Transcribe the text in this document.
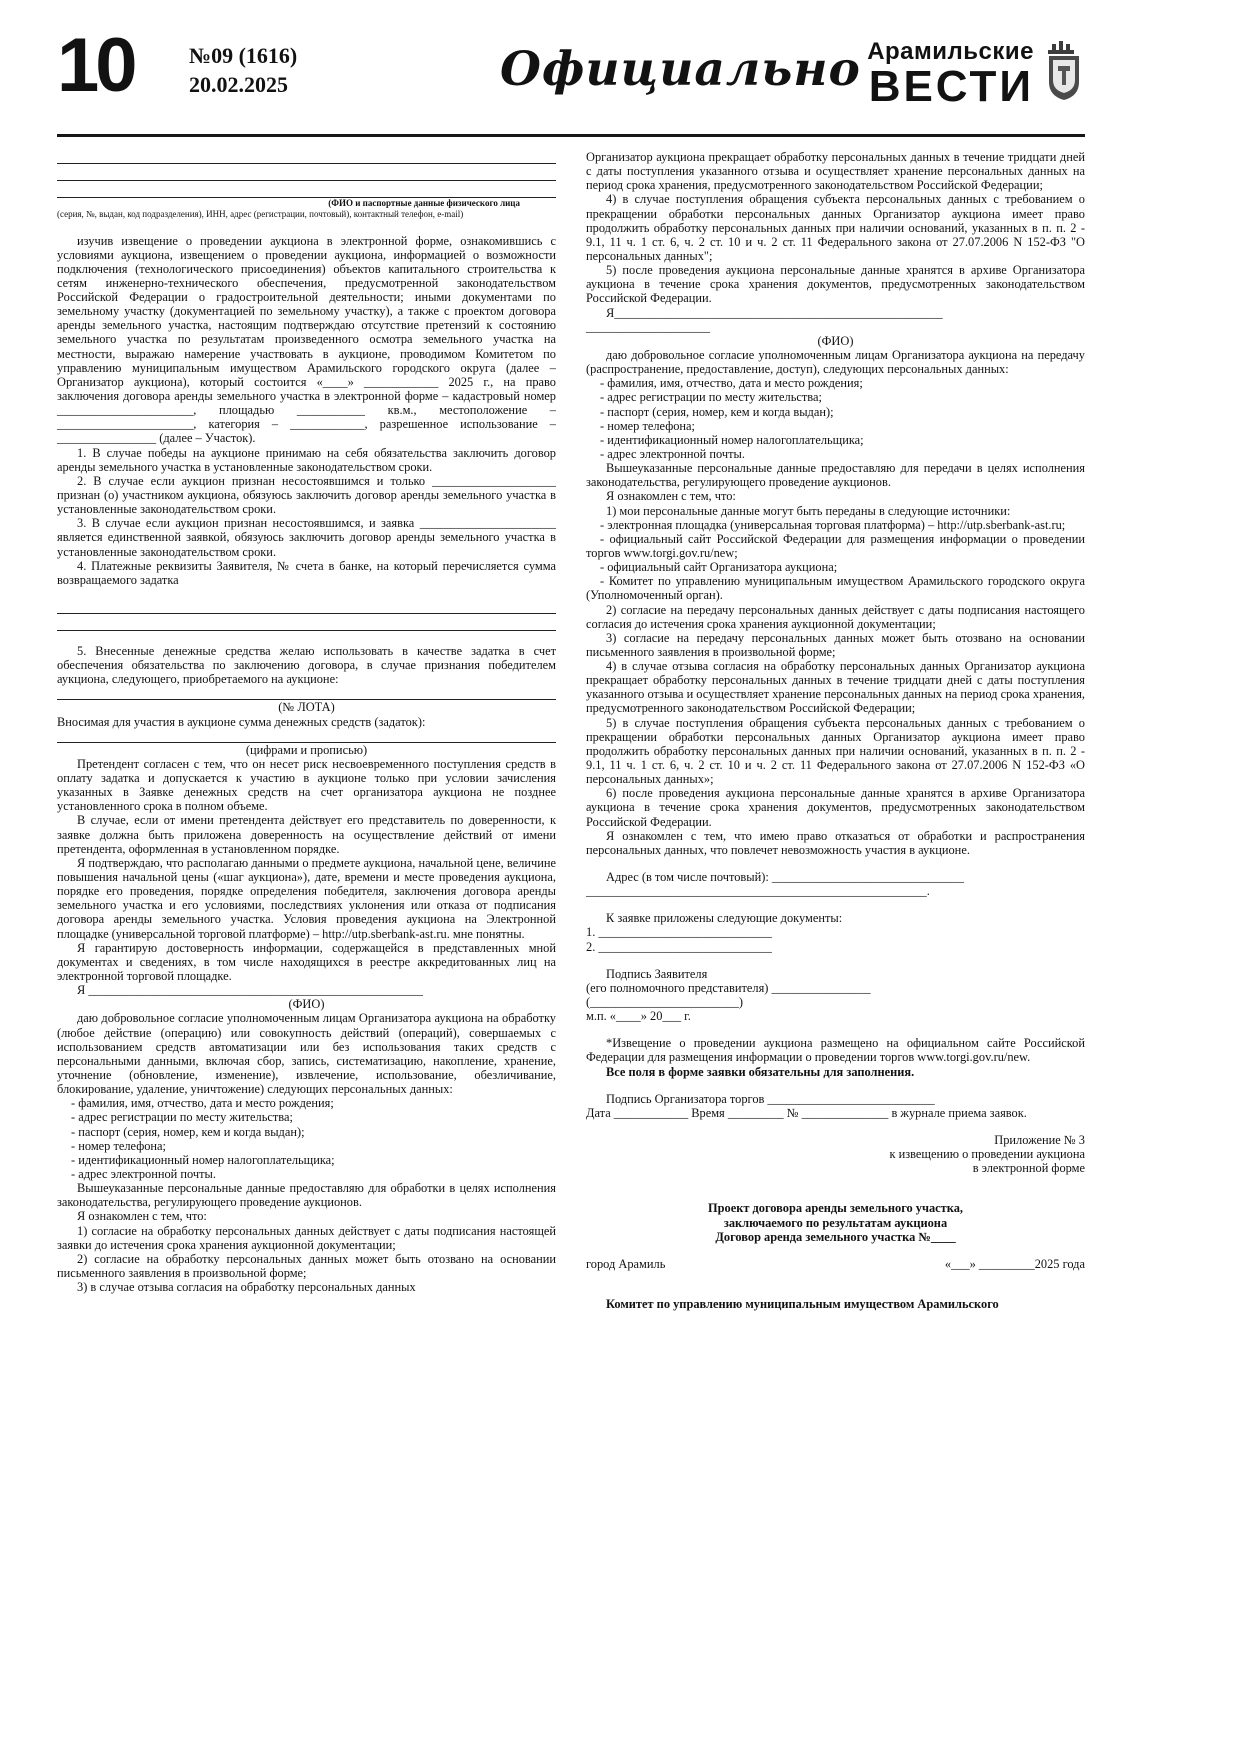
10	№09 (1616)
20.02.2025	Официально Арамильские
ВЕСТИ
(ФИО и паспортные данные физического лица
(серия, №, выдан, код подразделения), ИНН, адрес (регистрации, почтовый), контактный телефон, e-mail)
изучив извещение о проведении аукциона в электронной форме, ознакомившись с условиями аукциона, извещением о проведении аукциона, информацией о возможности подключения (технологического присоединения) объектов капитального строительства к сетям инженерно-технического обеспечения, предусмотренной законодательством Российской Федерации о градостроительной деятельности; иными документами по земельному участку (документацией по земельному участку), а также с проектом договора аренды земельного участка, настоящим подтверждаю отсутствие претензий к состоянию земельного участка по результатам произведенного осмотра земельного участка на местности, выражаю намерение участвовать в аукционе, проводимом Комитетом по управлению муниципальным имуществом Арамильского городского округа (далее – Организатор аукциона), который состоится «____» ____________ 2025 г., на право заключения договора аренды земельного участка в электронной форме – кадастровый номер ______________________, площадью ___________ кв.м., местоположение – ______________________, категория – ____________, разрешенное использование – ________________ (далее – Участок).
1. В случае победы на аукционе принимаю на себя обязательства заключить договор аренды земельного участка в установленные законодательством сроки.
2. В случае если аукцион признан несостоявшимся и только ____________________ признан (о) участником аукциона, обязуюсь заключить договор аренды земельного участка в установленные законодательством сроки.
3. В случае если аукцион признан несостоявшимся, и заявка ______________________ является единственной заявкой, обязуюсь заключить договор аренды земельного участка в установленные законодательством сроки.
4. Платежные реквизиты Заявителя, № счета в банке, на который перечисляется сумма возвращаемого задатка
5. Внесенные денежные средства желаю использовать в качестве задатка в счет обеспечения обязательства по заключению договора, в случае признания победителем аукциона, следующего, приобретаемого на аукционе:
(№ ЛОТА)
Вносимая для участия в аукционе сумма денежных средств (задаток):
(цифрами и прописью)
Претендент согласен с тем, что он несет риск несвоевременного поступления средств в оплату задатка и допускается к участию в аукционе только при условии зачисления указанных в Заявке денежных средств на счет организатора аукциона не позднее установленного срока в полном объеме.
В случае, если от имени претендента действует его представитель по доверенности, к заявке должна быть приложена доверенность на осуществление действий от имени претендента, оформленная в установленном порядке.
Я подтверждаю, что располагаю данными о предмете аукциона, начальной цене, величине повышения начальной цены («шаг аукциона»), дате, времени и месте проведения аукциона, порядке его проведения, порядке определения победителя, заключения договора аренды земельного участка и его условиями, последствиях уклонения или отказа от подписания договора аренды земельного участка. Условия проведения аукциона на Электронной площадке (универсальной торговой платформе) – http://utp.sberbank-ast.ru. мне понятны.
Я гарантирую достоверность информации, содержащейся в представленных мной документах и сведениях, в том числе находящихся в реестре аккредитованных лиц на электронной торговой площадке.
Я ______________________________________________________
(ФИО)
даю добровольное согласие уполномоченным лицам Организатора аукциона на обработку (любое действие (операцию) или совокупность действий (операций), совершаемых с использованием средств автоматизации или без использования таких средств с персональными данными, включая сбор, запись, систематизацию, накопление, хранение, уточнение (обновление, изменение), извлечение, использование, обезличивание, блокирование, удаление, уничтожение) следующих персональных данных:
- фамилия, имя, отчество, дата и место рождения;
- адрес регистрации по месту жительства;
- паспорт (серия, номер, кем и когда выдан);
- номер телефона;
- идентификационный номер налогоплательщика;
- адрес электронной почты.
Вышеуказанные персональные данные предоставляю для обработки в целях исполнения законодательства, регулирующего проведение аукционов.
Я ознакомлен с тем, что:
1) согласие на обработку персональных данных действует с даты подписания настоящей заявки до истечения срока хранения аукционной документации;
2) согласие на обработку персональных данных может быть отозвано на основании письменного заявления в произвольной форме;
3) в случае отзыва согласия на обработку персональных данных
Организатор аукциона прекращает обработку персональных данных в течение тридцати дней с даты поступления указанного отзыва и осуществляет хранение персональных данных на период срока хранения, предусмотренного законодательством Российской Федерации;
4) в случае поступления обращения субъекта персональных данных с требованием о прекращении обработки персональных данных Организатор аукциона имеет право продолжить обработку персональных данных при наличии оснований, указанных в п. п. 2 - 9.1, 11 ч. 1 ст. 6, ч. 2 ст. 10 и ч. 2 ст. 11 Федерального закона от 27.07.2006 N 152-ФЗ "О персональных данных";
5) после проведения аукциона персональные данные хранятся в архиве Организатора аукциона в течение срока хранения документов, предусмотренных законодательством Российской Федерации.
Я_____________________________________________________
____________________
(ФИО)
даю добровольное согласие уполномоченным лицам Организатора аукциона на передачу (распространение, предоставление, доступ), следующих персональных данных:
- фамилия, имя, отчество, дата и место рождения;
- адрес регистрации по месту жительства;
- паспорт (серия, номер, кем и когда выдан);
- номер телефона;
- идентификационный номер налогоплательщика;
- адрес электронной почты.
Вышеуказанные персональные данные предоставляю для передачи в целях исполнения законодательства, регулирующего проведение аукционов.
Я ознакомлен с тем, что:
1) мои персональные данные могут быть переданы в следующие источники:
- электронная площадка (универсальная торговая платформа) – http://utp.sberbank-ast.ru;
- официальный сайт Российской Федерации для размещения информации о проведении торгов www.torgi.gov.ru/new;
- официальный сайт Организатора аукциона;
- Комитет по управлению муниципальным имуществом Арамильского городского округа (Уполномоченный орган).
2) согласие на передачу персональных данных действует с даты подписания настоящего согласия до истечения срока хранения аукционной документации;
3) согласие на передачу персональных данных может быть отозвано на основании письменного заявления в произвольной форме;
4) в случае отзыва согласия на обработку персональных данных Организатор аукциона прекращает обработку персональных данных в течение тридцати дней с даты поступления указанного отзыва и осуществляет хранение персональных данных на период срока хранения, предусмотренного законодательством Российской Федерации;
5) в случае поступления обращения субъекта персональных данных с требованием о прекращении обработки персональных данных Организатор аукциона имеет право продолжить обработку персональных данных при наличии оснований, указанных в п. п. 2 - 9.1, 11 ч. 1 ст. 6, ч. 2 ст. 10 и ч. 2 ст. 11 Федерального закона от 27.07.2006 N 152-ФЗ «О персональных данных»;
6) после проведения аукциона персональные данные хранятся в архиве Организатора аукциона в течение срока хранения документов, предусмотренных законодательством Российской Федерации.
Я ознакомлен с тем, что имею право отказаться от обработки и распространения персональных данных, что повлечет невозможность участия в аукционе.
Адрес (в том числе почтовый): _______________________________
_______________________________________________________.
К заявке приложены следующие документы:
1. ____________________________
2. ____________________________
Подпись Заявителя
(его полномочного представителя) ________________
(________________________)
м.п. «____» 20___ г.
*Извещение о проведении аукциона размещено на официальном сайте Российской Федерации для размещения информации о проведении торгов www.torgi.gov.ru/new.
Все поля в форме заявки обязательны для заполнения.
Подпись Организатора торгов ___________________________
Дата ____________ Время _________ № ______________ в журнале приема заявок.
Приложение № 3
к извещению о проведении аукциона
в электронной форме
Проект договора аренды земельного участка,
заключаемого по результатам аукциона
Договор аренда земельного участка №____
город Арамиль	«___» _________2025 года
Комитет по управлению муниципальным имуществом Арамильского
